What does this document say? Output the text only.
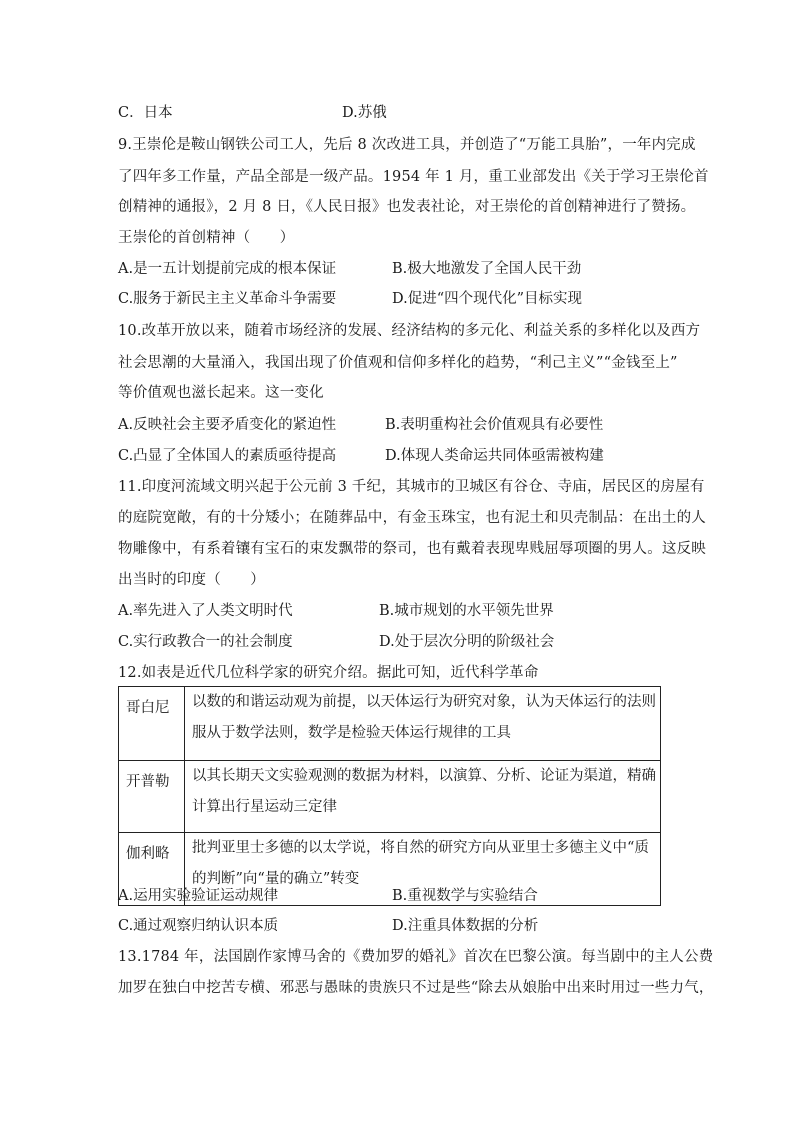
C．日本	D.苏俄
9.王崇伦是鞍山钢铁公司工人，先后 8 次改进工具，并创造了“万能工具胎”，一年内完成
了四年多工作量，产品全部是一级产品。1954 年 1 月，重工业部发出《关于学习王崇伦首
创精神的通报》，2 月 8 日，《人民日报》也发表社论，对王崇伦的首创精神进行了赞扬。
王崇伦的首创精神（　　）
A.是一五计划提前完成的根本保证	B.极大地激发了全国人民干劲
C.服务于新民主主义革命斗争需要	D.促进“四个现代化”目标实现
10.改革开放以来，随着市场经济的发展、经济结构的多元化、利益关系的多样化以及西方
社会思潮的大量涌入，我国出现了价值观和信仰多样化的趋势，“利己主义”“金钱至上”
等价值观也滋长起来。这一变化
A.反映社会主要矛盾变化的紧迫性	B.表明重构社会价值观具有必要性
C.凸显了全体国人的素质亟待提高	D.体现人类命运共同体亟需被构建
11.印度河流域文明兴起于公元前 3 千纪，其城市的卫城区有谷仓、寺庙，居民区的房屋有
的庭院宽敞，有的十分矮小；在随葬品中，有金玉珠宝，也有泥土和贝壳制品：在出土的人
物雕像中，有系着镶有宝石的束发飘带的祭司，也有戴着表现卑贱屈辱项圈的男人。这反映
出当时的印度（　　）
A.率先进入了人类文明时代	B.城市规划的水平领先世界
C.实行政教合一的社会制度	D.处于层次分明的阶级社会
12.如表是近代几位科学家的研究介绍。据此可知，近代科学革命
哥白尼	以数的和谐运动观为前提，以天体运行为研究对象，认为天体运行的法则
服从于数学法则，数学是检验天体运行规律的工具

开普勒	以其长期天文实验观测的数据为材料，以演算、分析、论证为渠道，精确
计算出行星运动三定律

伽利略	批判亚里士多德的以太学说，将自然的研究方向从亚里士多德主义中“质
的判断”向“量的确立”转变
A.运用实验验证运动规律	B.重视数学与实验结合
C.通过观察归纳认识本质	D.注重具体数据的分析
13.1784 年，法国剧作家博马舍的《费加罗的婚礼》首次在巴黎公演。每当剧中的主人公费
加罗在独白中挖苦专横、邪恶与愚昧的贵族只不过是些“除去从娘胎中出来时用过一些力气，
